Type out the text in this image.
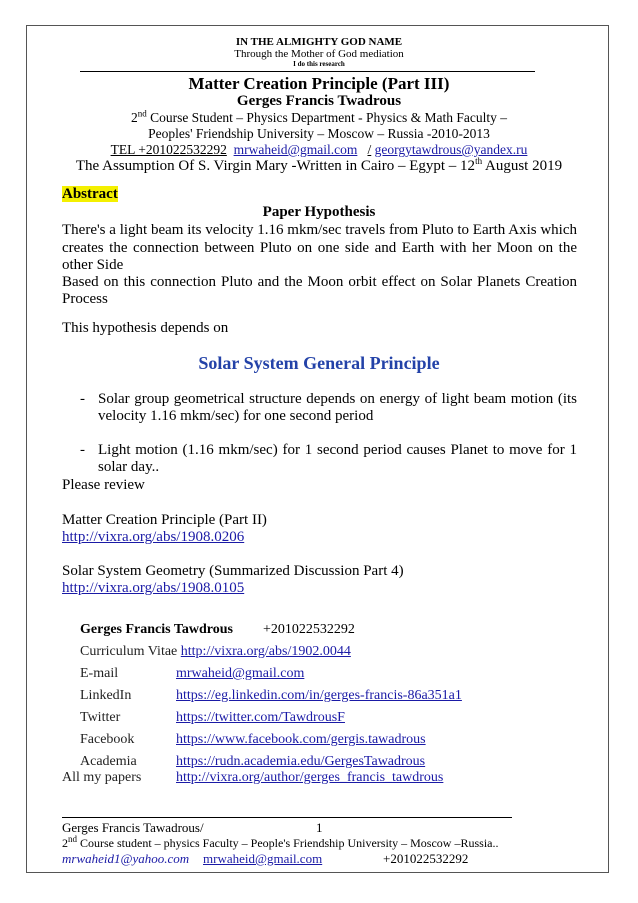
IN THE ALMIGHTY GOD NAME
Through the Mother of God mediation
I do this research
Matter Creation Principle (Part III)
Gerges Francis Twadrous
2nd Course Student – Physics Department - Physics & Math Faculty –
Peoples' Friendship University – Moscow – Russia -2010-2013
TEL +201022532292 mrwaheid@gmail.com / georgytawdrous@yandex.ru
The Assumption Of S. Virgin Mary -Written in Cairo – Egypt – 12th August 2019
Abstract
Paper Hypothesis
There's a light beam its velocity 1.16 mkm/sec travels from Pluto to Earth Axis which
creates the connection between Pluto on one side and Earth with her Moon on the
other Side
Based on this connection Pluto and the Moon orbit effect on Solar Planets Creation
Process
This hypothesis depends on
Solar System General Principle
- Solar group geometrical structure depends on energy of light beam motion (its
velocity 1.16 mkm/sec) for one second period
- Light motion (1.16 mkm/sec) for 1 second period causes Planet to move for 1
solar day..
Please review
Matter Creation Principle (Part II)
http://vixra.org/abs/1908.0206
Solar System Geometry (Summarized Discussion Part 4)
http://vixra.org/abs/1908.0105
Gerges Francis Tawdrous +201022532292
Curriculum Vitae http://vixra.org/abs/1902.0044
E-mail	mrwaheid@gmail.com
LinkedIn	https://eg.linkedin.com/in/gerges-francis-86a351a1
Twitter	https://twitter.com/TawdrousF
Facebook	https://www.facebook.com/gergis.tawadrous
Academia	https://rudn.academia.edu/GergesTawadrous
All my papers http://vixra.org/author/gerges_francis_tawdrous
Gerges Francis Tawadrous/	1
2nd Course student – physics Faculty – People's Friendship University – Moscow –Russia..
mrwaheid1@yahoo.com mrwaheid@gmail.com	+201022532292
